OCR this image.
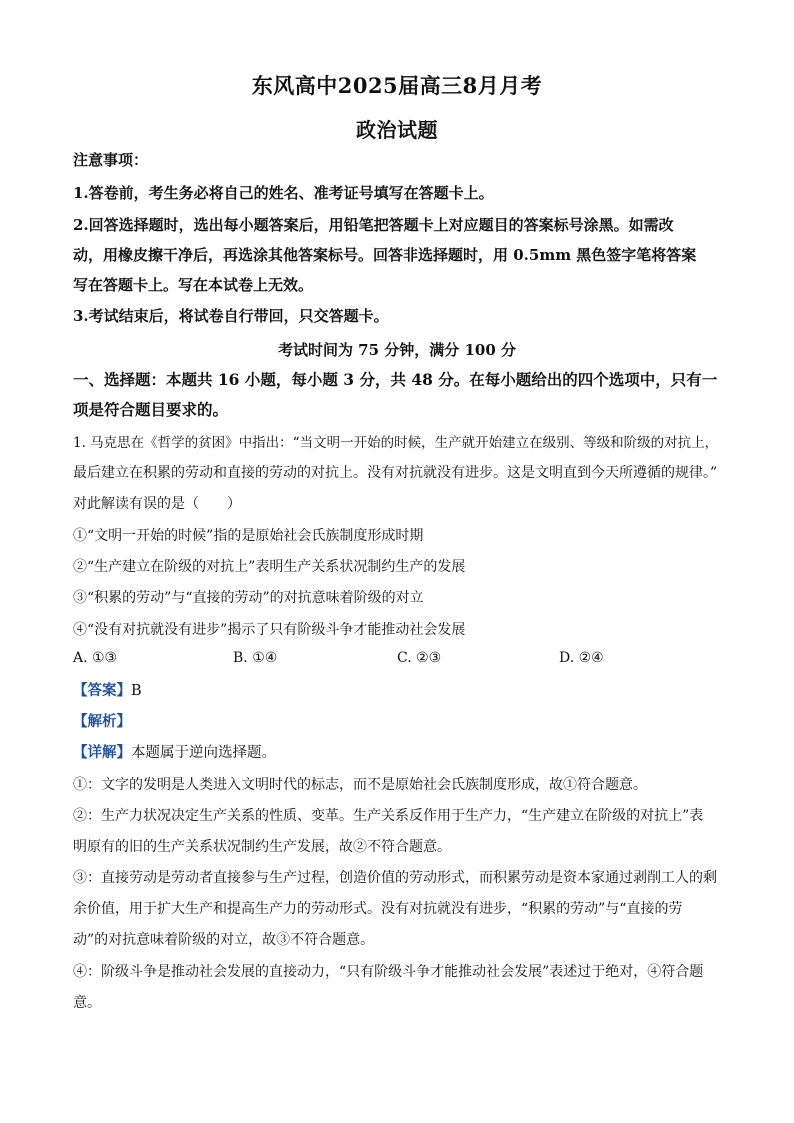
东风高中2025届高三8月月考
政治试题
注意事项：
1.答卷前，考生务必将自己的姓名、准考证号填写在答题卡上。
2.回答选择题时，选出每小题答案后，用铅笔把答题卡上对应题目的答案标号涂黑。如需改
动，用橡皮擦干净后，再选涂其他答案标号。回答非选择题时，用 0.5mm 黑色签字笔将答案
写在答题卡上。写在本试卷上无效。
3.考试结束后，将试卷自行带回，只交答题卡。
考试时间为 75 分钟，满分 100 分
一、选择题：本题共 16 小题，每小题 3 分，共 48 分。在每小题给出的四个选项中，只有一
项是符合题目要求的。
1. 马克思在《哲学的贫困》中指出：“当文明一开始的时候，生产就开始建立在级别、等级和阶级的对抗上，
最后建立在积累的劳动和直接的劳动的对抗上。没有对抗就没有进步。这是文明直到今天所遵循的规律。”
对此解读有误的是（　　）
①“文明一开始的时候”指的是原始社会氏族制度形成时期
②“生产建立在阶级的对抗上”表明生产关系状况制约生产的发展
③“积累的劳动”与“直接的劳动”的对抗意味着阶级的对立
④“没有对抗就没有进步”揭示了只有阶级斗争才能推动社会发展
A. ①③	B. ①④	C. ②③	D. ②④
【答案】B
【解析】
【详解】本题属于逆向选择题。
①：文字的发明是人类进入文明时代的标志，而不是原始社会氏族制度形成，故①符合题意。
②：生产力状况决定生产关系的性质、变革。生产关系反作用于生产力，“生产建立在阶级的对抗上”表
明原有的旧的生产关系状况制约生产发展，故②不符合题意。
③：直接劳动是劳动者直接参与生产过程，创造价值的劳动形式，而积累劳动是资本家通过剥削工人的剩
余价值，用于扩大生产和提高生产力的劳动形式。没有对抗就没有进步，“积累的劳动”与“直接的劳
动”的对抗意味着阶级的对立，故③不符合题意。
④：阶级斗争是推动社会发展的直接动力，“只有阶级斗争才能推动社会发展”表述过于绝对，④符合题
意。
